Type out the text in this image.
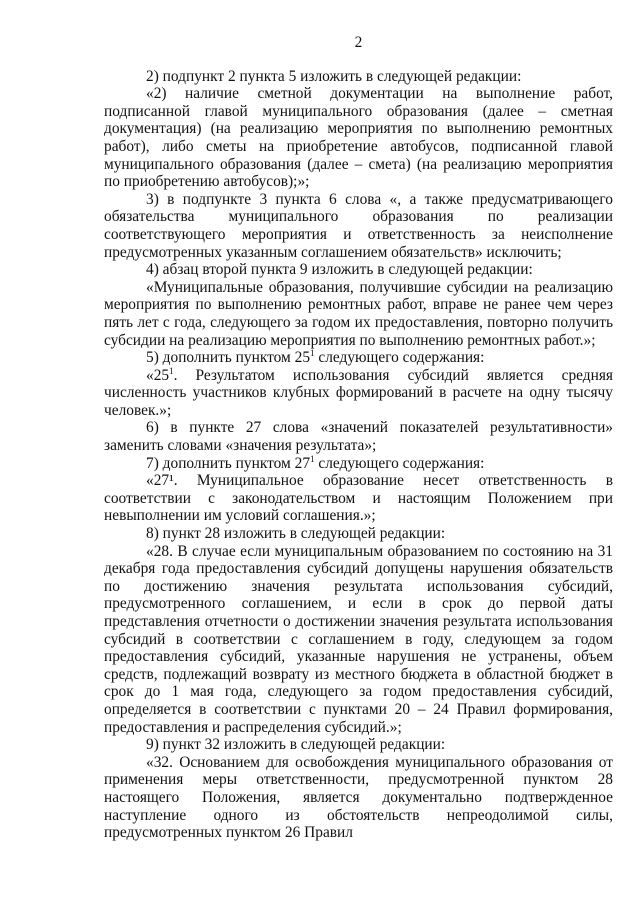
2

2) подпункт 2 пункта 5 изложить в следующей редакции:

«2) наличие сметной документации на выполнение работ, подписанной главой муниципального образования (далее – сметная документация) (на реализацию мероприятия по выполнению ремонтных работ), либо сметы на приобретение автобусов, подписанной главой муниципального образования (далее – смета) (на реализацию мероприятия по приобретению автобусов);»;

3) в подпункте 3 пункта 6 слова «, а также предусматривающего обязательства муниципального образования по реализации соответствующего мероприятия и ответственность за неисполнение предусмотренных указанным соглашением обязательств» исключить;

4) абзац второй пункта 9 изложить в следующей редакции:

«Муниципальные образования, получившие субсидии на реализацию мероприятия по выполнению ремонтных работ, вправе не ранее чем через пять лет с года, следующего за годом их предоставления, повторно получить субсидии на реализацию мероприятия по выполнению ремонтных работ.»;

5) дополнить пунктом $25^1$ следующего содержания:

«$25^1$. Результатом использования субсидий является средняя численность участников клубных формирований в расчете на одну тысячу человек.»;

6) в пункте 27 слова «значений показателей результативности» заменить словами «значения результата»;

7) дополнить пунктом $27^1$ следующего содержания:

«27¹. Муниципальное образование несет ответственность в соответствии с законодательством и настоящим Положением при невыполнении им условий соглашения.»;

8) пункт 28 изложить в следующей редакции:

«28. В случае если муниципальным образованием по состоянию на 31 декабря года предоставления субсидий допущены нарушения обязательств по достижению значения результата использования субсидий, предусмотренного соглашением, и если в срок до первой даты представления отчетности о достижении значения результата использования субсидий в соответствии с соглашением в году, следующем за годом предоставления субсидий, указанные нарушения не устранены, объем средств, подлежащий возврату из местного бюджета в областной бюджет в срок до 1 мая года, следующего за годом предоставления субсидий, определяется в соответствии с пунктами 20 – 24 Правил формирования, предоставления и распределения субсидий.»;

9) пункт 32 изложить в следующей редакции:

«32. Основанием для освобождения муниципального образования от применения меры ответственности, предусмотренной пунктом 28 настоящего Положения, является документально подтвержденное наступление одного из обстоятельств непреодолимой силы, предусмотренных пунктом 26 Правил
